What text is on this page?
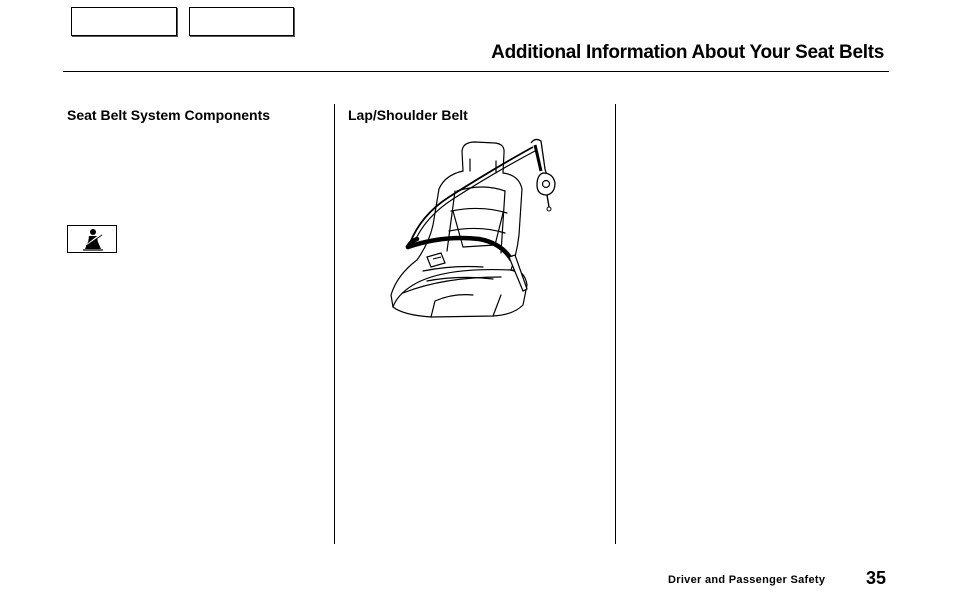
Additional Information About Your Seat Belts
Seat Belt System Components	Lap/Shoulder Belt
Driver and Passenger Safety 35
